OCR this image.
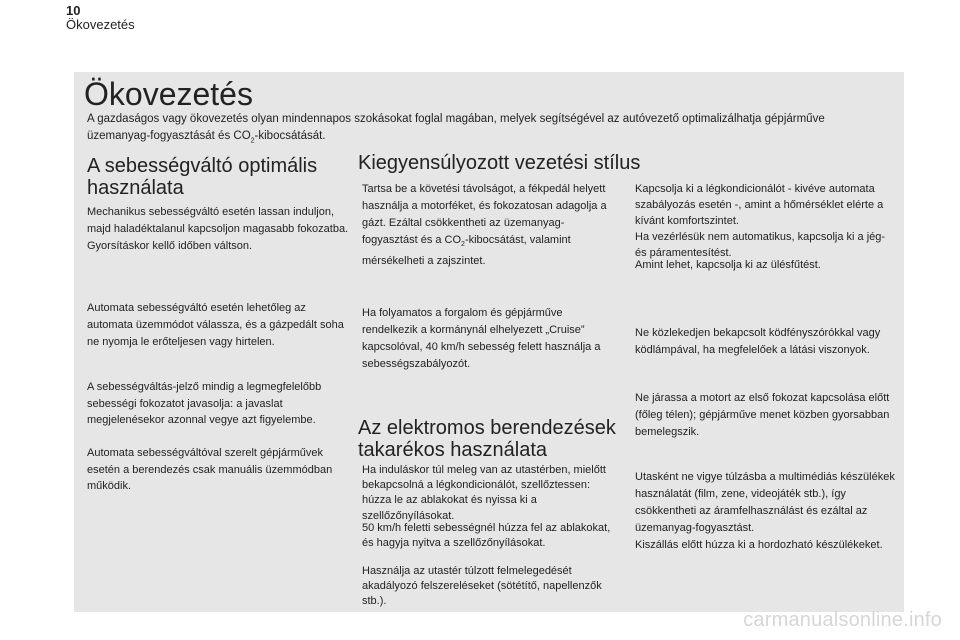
10
Ökovezetés
Ökovezetés
A gazdaságos vagy ökovezetés olyan mindennapos szokásokat foglal magában, melyek segítségével az autóvezető optimalizálhatja gépjárműve üzemanyag-fogyasztását és $CO_2$-kibocsátását.
A sebességváltó optimális használata

Mechanikus sebességváltó esetén lassan induljon, majd haladéktalanul kapcsoljon magasabb fokozatba. Gyorsításkor kellő időben váltson.

Automata sebességváltó esetén lehetőleg az automata üzemmódot válassza, és a gázpedált soha ne nyomja le erőteljesen vagy hirtelen.

A sebességváltás-jelző mindig a legmegfelelőbb sebességi fokozatot javasolja: a javaslat megjelenésekor azonnal vegye azt figyelembe.

Automata sebességváltóval szerelt gépjárművek esetén a berendezés csak manuális üzemmódban működik.

Kiegyensúlyozott vezetési stílus

Tartsa be a követési távolságot, a fékpedál helyett használja a motorféket, és fokozatosan adagolja a gázt. Ezáltal csökkentheti az üzemanyag-fogyasztást és a $CO_2$-kibocsátást, valamint mérsékelheti a zajszintet.

Ha folyamatos a forgalom és gépjárműve rendelkezik a kormánynál elhelyezett „Cruise” kapcsolóval, 40 km/h sebesség felett használja a sebességszabályozót.

Az elektromos berendezések takarékos használata

Ha induláskor túl meleg van az utastérben, mielőtt bekapcsolná a légkondicionálót, szellőztessen: húzza le az ablakokat és nyissa ki a szellőzőnyílásokat.

50 km/h feletti sebességnél húzza fel az ablakokat, és hagyja nyitva a szellőzőnyílásokat.

Használja az utastér túlzott felmelegedését akadályozó felszereléseket (sötétítő, napellenzők stb.).

Kapcsolja ki a légkondicionálót - kivéve automata szabályozás esetén -, amint a hőmérséklet elérte a kívánt komfortszintet.

Ha vezérlésük nem automatikus, kapcsolja ki a jég- és páramentesítést.

Amint lehet, kapcsolja ki az ülésfűtést.

Ne közlekedjen bekapcsolt ködfényszórókkal vagy ködlámpával, ha megfelelőek a látási viszonyok.

Ne járassa a motort az első fokozat kapcsolása előtt (főleg télen); gépjárműve menet közben gyorsabban bemelegszik.

Utasként ne vigye túlzásba a multimédiás készülékek használatát (film, zene, videojáték stb.), így csökkentheti az áramfelhasználást és ezáltal az üzemanyag-fogyasztást.

Kiszállás előtt húzza ki a hordozható készülékeket.

carmanualsonline.info
